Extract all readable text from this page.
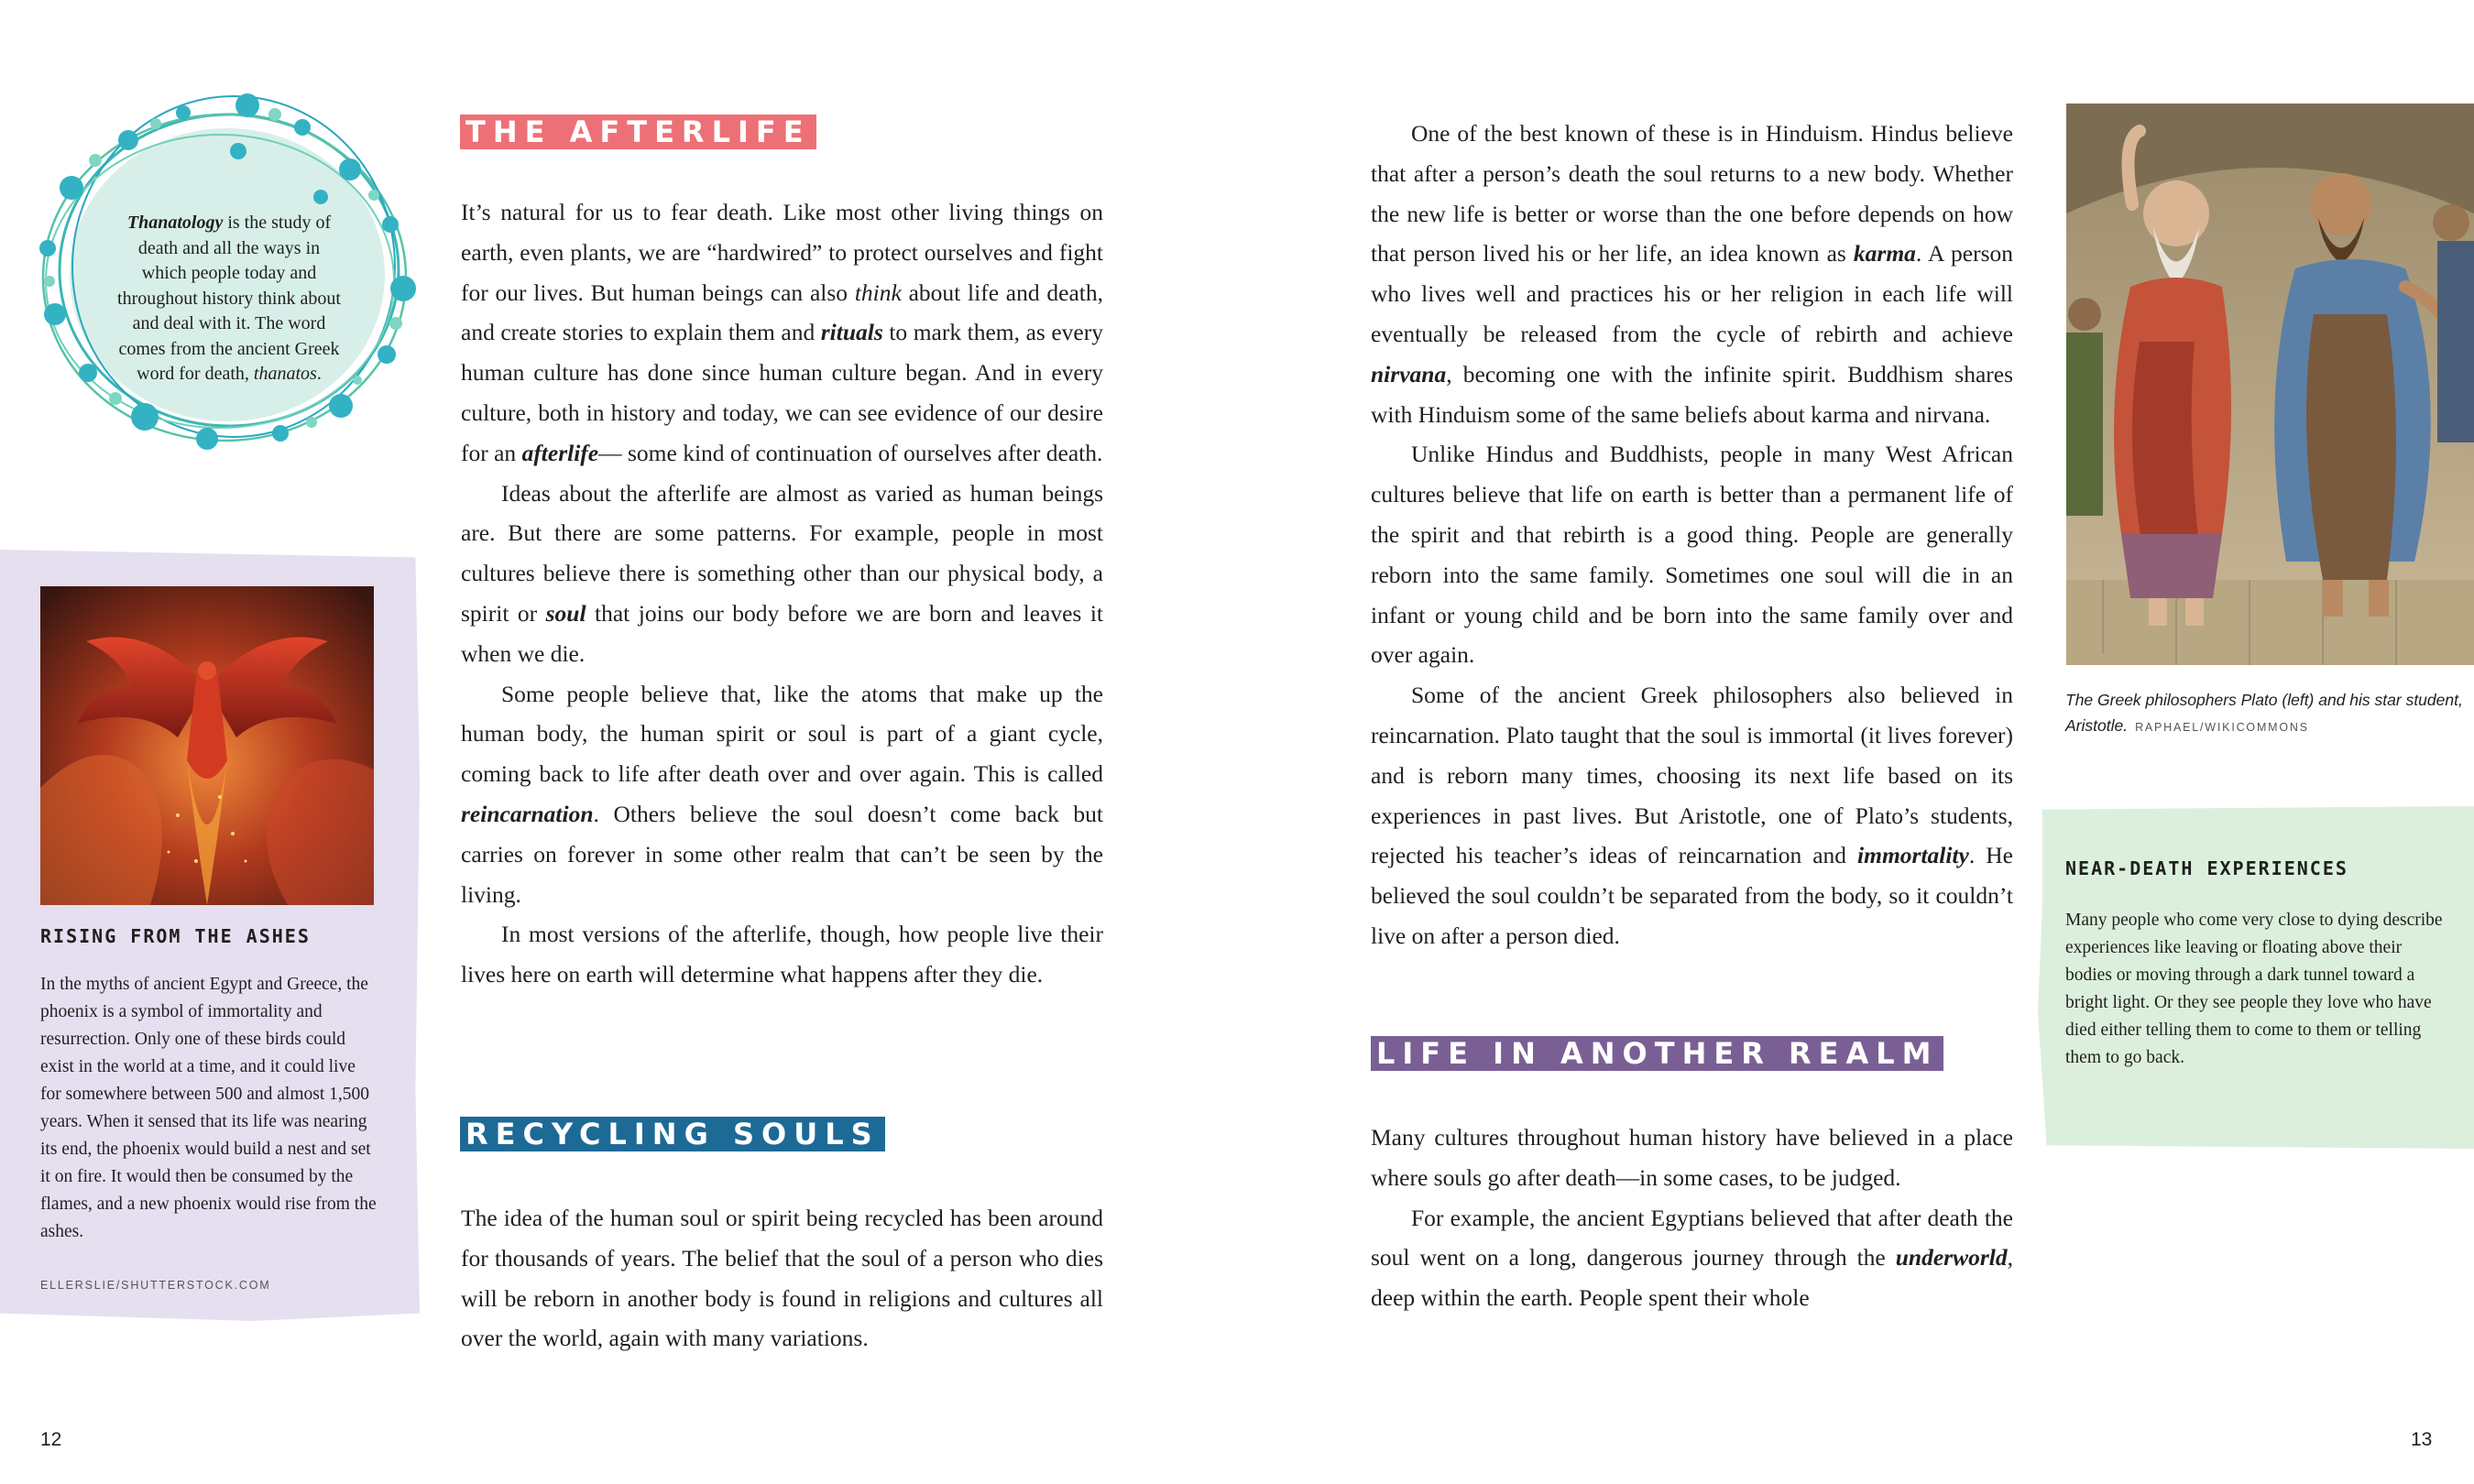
Thanatology is the study of death and all the ways in which people today and throughout history think about and deal with it. The word comes from the ancient Greek word for death, thanatos.
RISING FROM THE ASHES
In the myths of ancient Egypt and Greece, the phoenix is a symbol of immortality and resurrection. Only one of these birds could exist in the world at a time, and it could live for somewhere between 500 and almost 1,500 years. When it sensed that its life was nearing its end, the phoenix would build a nest and set it on fire. It would then be consumed by the flames, and a new phoenix would rise from the ashes.
ELLERSLIE/SHUTTERSTOCK.COM
THE AFTERLIFE

It’s natural for us to fear death. Like most other living things on earth, even plants, we are “hardwired” to protect ourselves and fight for our lives. But human beings can also think about life and death, and create stories to explain them and rituals to mark them, as every human culture has done since human culture began. And in every culture, both in history and today, we can see evidence of our desire for an afterlife— some kind of continuation of ourselves after death.

Ideas about the afterlife are almost as varied as human beings are. But there are some patterns. For example, people in most cultures believe there is something other than our physical body, a spirit or soul that joins our body before we are born and leaves it when we die.

Some people believe that, like the atoms that make up the human body, the human spirit or soul is part of a giant cycle, coming back to life after death over and over again. This is called reincarnation. Others believe the soul doesn’t come back but carries on forever in some other realm that can’t be seen by the living.

In most versions of the afterlife, though, how people live their lives here on earth will determine what happens after they die.

RECYCLING SOULS

The idea of the human soul or spirit being recycled has been around for thousands of years. The belief that the soul of a person who dies will be reborn in another body is found in religions and cultures all over the world, again with many variations.

One of the best known of these is in Hinduism. Hindus believe that after a person’s death the soul returns to a new body. Whether the new life is better or worse than the one before depends on how that person lived his or her life, an idea known as karma. A person who lives well and practices his or her religion in each life will eventually be released from the cycle of rebirth and achieve nirvana, becoming one with the infinite spirit. Buddhism shares with Hinduism some of the same beliefs about karma and nirvana.

Unlike Hindus and Buddhists, people in many West African cultures believe that life on earth is better than a permanent life of the spirit and that rebirth is a good thing. People are generally reborn into the same family. Sometimes one soul will die in an infant or young child and be born into the same family over and over again.

Some of the ancient Greek philosophers also believed in reincarnation. Plato taught that the soul is immortal (it lives forever) and is reborn many times, choosing its next life based on its experiences in past lives. But Aristotle, one of Plato’s students, rejected his teacher’s ideas of reincarnation and immortality. He believed the soul couldn’t be separated from the body, so it couldn’t live on after a person died.

LIFE IN ANOTHER REALM

Many cultures throughout human history have believed in a place where souls go after death—in some cases, to be judged.

For example, the ancient Egyptians believed that after death the soul went on a long, dangerous journey through the underworld, deep within the earth. People spent their whole

The Greek philosophers Plato (left) and his star student, Aristotle. RAPHAEL/WIKICOMMONS
NEAR-DEATH EXPERIENCES
Many people who come very close to dying describe experiences like leaving or floating above their bodies or moving through a dark tunnel toward a bright light. Or they see people they love who have died either telling them to come to them or telling them to go back.
12	13
